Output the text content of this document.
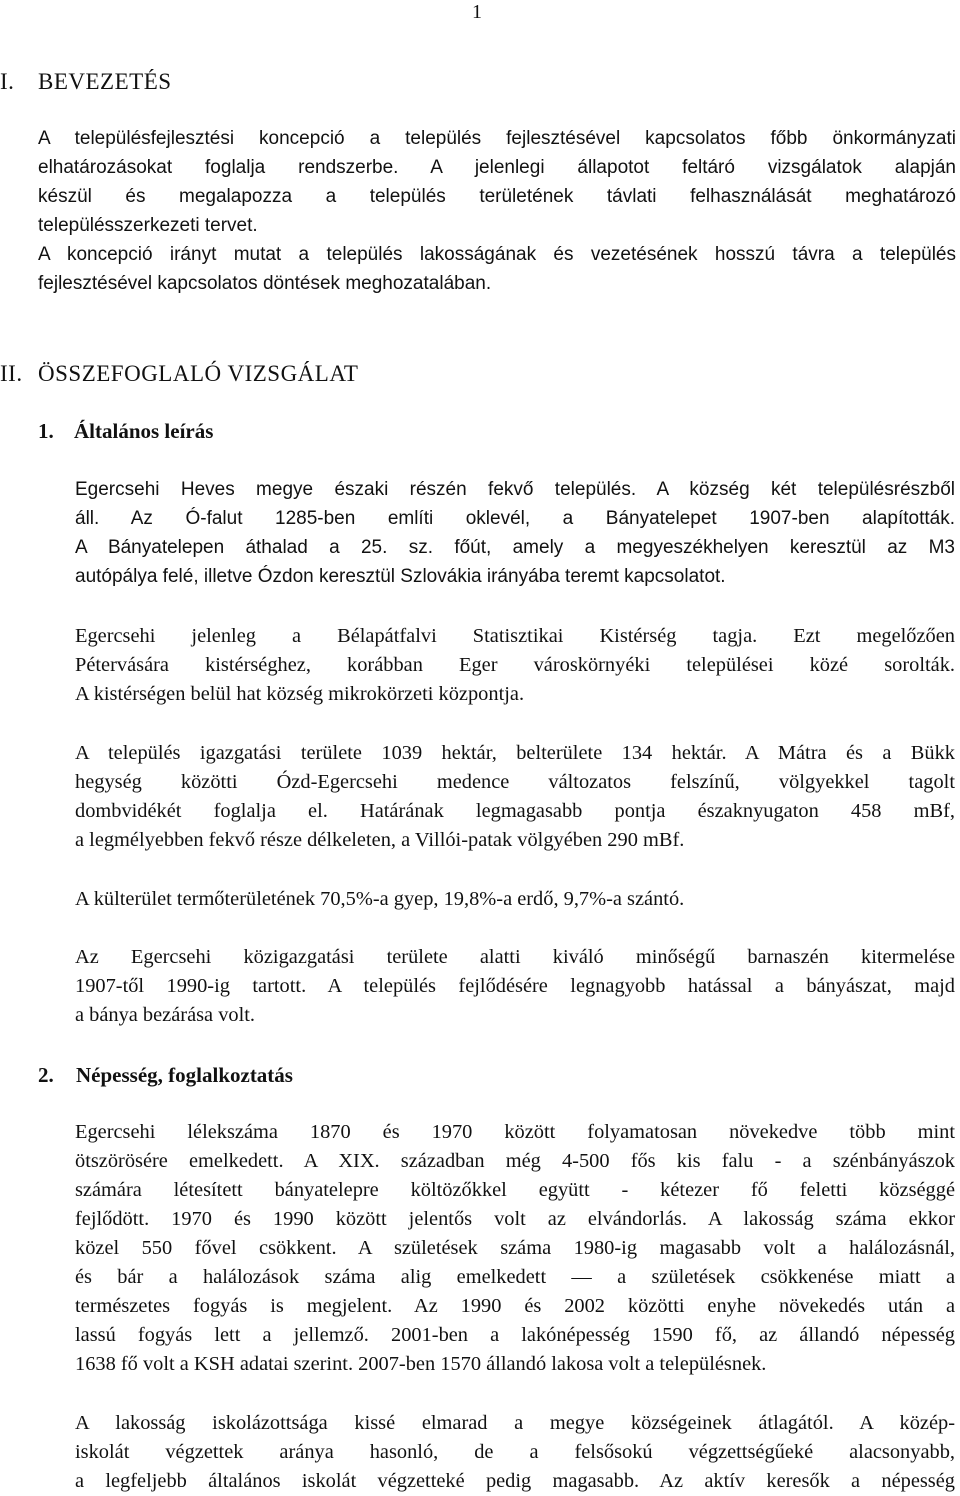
1
I. BEVEZETÉS
A településfejlesztési koncepció a település fejlesztésével kapcsolatos főbb önkormányzati
elhatározásokat foglalja rendszerbe. A jelenlegi állapotot feltáró vizsgálatok alapján
készül és megalapozza a település területének távlati felhasználását meghatározó
településszerkezeti tervet.
A koncepció irányt mutat a település lakosságának és vezetésének hosszú távra a település
fejlesztésével kapcsolatos döntések meghozatalában.
II. ÖSSZEFOGLALÓ VIZSGÁLAT
1. Általános leírás
Egercsehi Heves megye északi részén fekvő település. A község két településrészből
áll. Az Ó-falut 1285-ben említi oklevél, a Bányatelepet 1907-ben alapították.
A Bányatelepen áthalad a 25. sz. főút, amely a megyeszékhelyen keresztül az M3
autópálya felé, illetve Ózdon keresztül Szlovákia irányába teremt kapcsolatot.
Egercsehi jelenleg a Bélapátfalvi Statisztikai Kistérség tagja. Ezt megelőzően
Pétervására kistérséghez, korábban Eger városkörnyéki települései közé sorolták.
A kistérségen belül hat község mikrokörzeti központja.
A település igazgatási területe 1039 hektár, belterülete 134 hektár. A Mátra és a Bükk
hegység közötti Ózd-Egercsehi medence változatos felszínű, völgyekkel tagolt
dombvidékét foglalja el. Határának legmagasabb pontja északnyugaton 458 mBf,
a legmélyebben fekvő része délkeleten, a Villói-patak völgyében 290 mBf.
A külterület termőterületének 70,5%-a gyep, 19,8%-a erdő, 9,7%-a szántó.
Az Egercsehi közigazgatási területe alatti kiváló minőségű barnaszén kitermelése
1907-től 1990-ig tartott. A település fejlődésére legnagyobb hatással a bányászat, majd
a bánya bezárása volt.
2. Népesség, foglalkoztatás
Egercsehi lélekszáma 1870 és 1970 között folyamatosan növekedve több mint
ötszörösére emelkedett. A XIX. században még 4-500 fős kis falu - a szénbányászok
számára létesített bányatelepre költözőkkel együtt - kétezer fő feletti községgé
fejlődött. 1970 és 1990 között jelentős volt az elvándorlás. A lakosság száma ekkor
közel 550 fővel csökkent. A születések száma 1980-ig magasabb volt a halálozásnál,
és bár a halálozások száma alig emelkedett — a születések csökkenése miatt a
természetes fogyás is megjelent. Az 1990 és 2002 közötti enyhe növekedés után a
lassú fogyás lett a jellemző. 2001-ben a lakónépesség 1590 fő, az állandó népesség
1638 fő volt a KSH adatai szerint. 2007-ben 1570 állandó lakosa volt a településnek.
A lakosság iskolázottsága kissé elmarad a megye községeinek átlagától. A közép-
iskolát végzettek aránya hasonló, de a felsősokú végzettségűeké alacsonyabb,
a legfeljebb általános iskolát végzetteké pedig magasabb. Az aktív keresők a népesség
